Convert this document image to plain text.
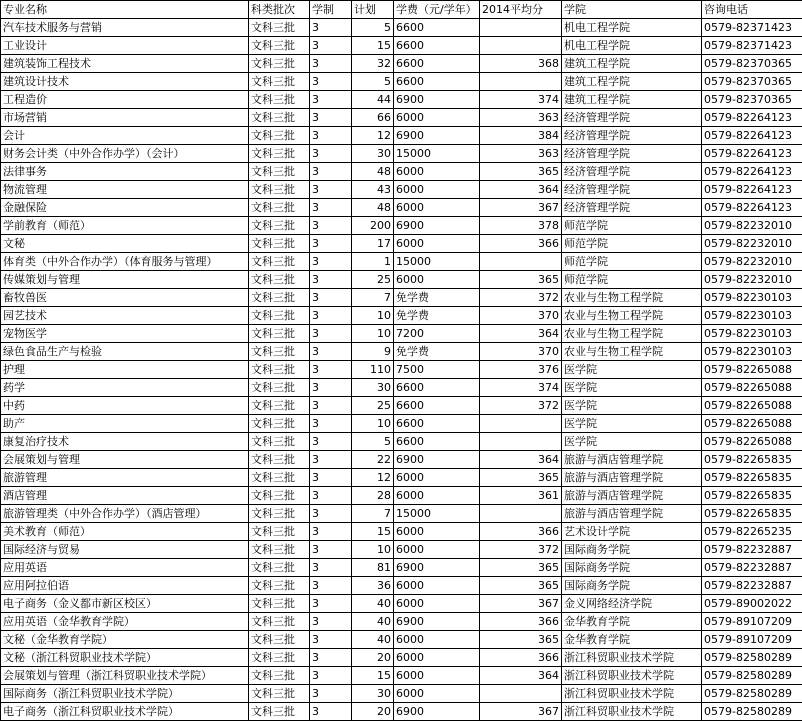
专业名称	科类批次	学制	计划	学费（元/学年）	2014平均分	学院	咨询电话
汽车技术服务与营销	文科三批	3	5	6600		机电工程学院	0579-82371423
工业设计	文科三批	3	15	6600		机电工程学院	0579-82371423
建筑装饰工程技术	文科三批	3	32	6600	368	建筑工程学院	0579-82370365
建筑设计技术	文科三批	3	5	6600		建筑工程学院	0579-82370365
工程造价	文科三批	3	44	6900	374	建筑工程学院	0579-82370365
市场营销	文科三批	3	66	6000	363	经济管理学院	0579-82264123
会计	文科三批	3	12	6900	384	经济管理学院	0579-82264123
财务会计类（中外合作办学）（会计）	文科三批	3	30	15000	363	经济管理学院	0579-82264123
法律事务	文科三批	3	48	6000	365	经济管理学院	0579-82264123
物流管理	文科三批	3	43	6000	364	经济管理学院	0579-82264123
金融保险	文科三批	3	48	6000	367	经济管理学院	0579-82264123
学前教育（师范）	文科三批	3	200	6900	378	师范学院	0579-82232010
文秘	文科三批	3	17	6000	366	师范学院	0579-82232010
体育类（中外合作办学）（体育服务与管理）	文科三批	3	1	15000		师范学院	0579-82232010
传媒策划与管理	文科三批	3	25	6000	365	师范学院	0579-82232010
畜牧兽医	文科三批	3	7	免学费	372	农业与生物工程学院	0579-82230103
园艺技术	文科三批	3	10	免学费	370	农业与生物工程学院	0579-82230103
宠物医学	文科三批	3	10	7200	364	农业与生物工程学院	0579-82230103
绿色食品生产与检验	文科三批	3	9	免学费	370	农业与生物工程学院	0579-82230103
护理	文科三批	3	110	7500	376	医学院	0579-82265088
药学	文科三批	3	30	6600	374	医学院	0579-82265088
中药	文科三批	3	25	6600	372	医学院	0579-82265088
助产	文科三批	3	10	6600		医学院	0579-82265088
康复治疗技术	文科三批	3	5	6600		医学院	0579-82265088
会展策划与管理	文科三批	3	22	6900	364	旅游与酒店管理学院	0579-82265835
旅游管理	文科三批	3	12	6000	365	旅游与酒店管理学院	0579-82265835
酒店管理	文科三批	3	28	6000	361	旅游与酒店管理学院	0579-82265835
旅游管理类（中外合作办学）（酒店管理）	文科三批	3	7	15000		旅游与酒店管理学院	0579-82265835
美术教育（师范）	文科三批	3	15	6000	366	艺术设计学院	0579-82265235
国际经济与贸易	文科三批	3	10	6000	372	国际商务学院	0579-82232887
应用英语	文科三批	3	81	6900	365	国际商务学院	0579-82232887
应用阿拉伯语	文科三批	3	36	6000	365	国际商务学院	0579-82232887
电子商务（金义都市新区校区）	文科三批	3	40	6000	367	金义网络经济学院	0579-89002022
应用英语（金华教育学院）	文科三批	3	40	6900	366	金华教育学院	0579-89107209
文秘（金华教育学院）	文科三批	3	40	6000	365	金华教育学院	0579-89107209
文秘（浙江科贸职业技术学院）	文科三批	3	20	6000	366	浙江科贸职业技术学院	0579-82580289
会展策划与管理（浙江科贸职业技术学院）	文科三批	3	15	6000	364	浙江科贸职业技术学院	0579-82580289
国际商务（浙江科贸职业技术学院）	文科三批	3	30	6000		浙江科贸职业技术学院	0579-82580289
电子商务（浙江科贸职业技术学院）	文科三批	3	20	6900	367	浙江科贸职业技术学院	0579-82580289
